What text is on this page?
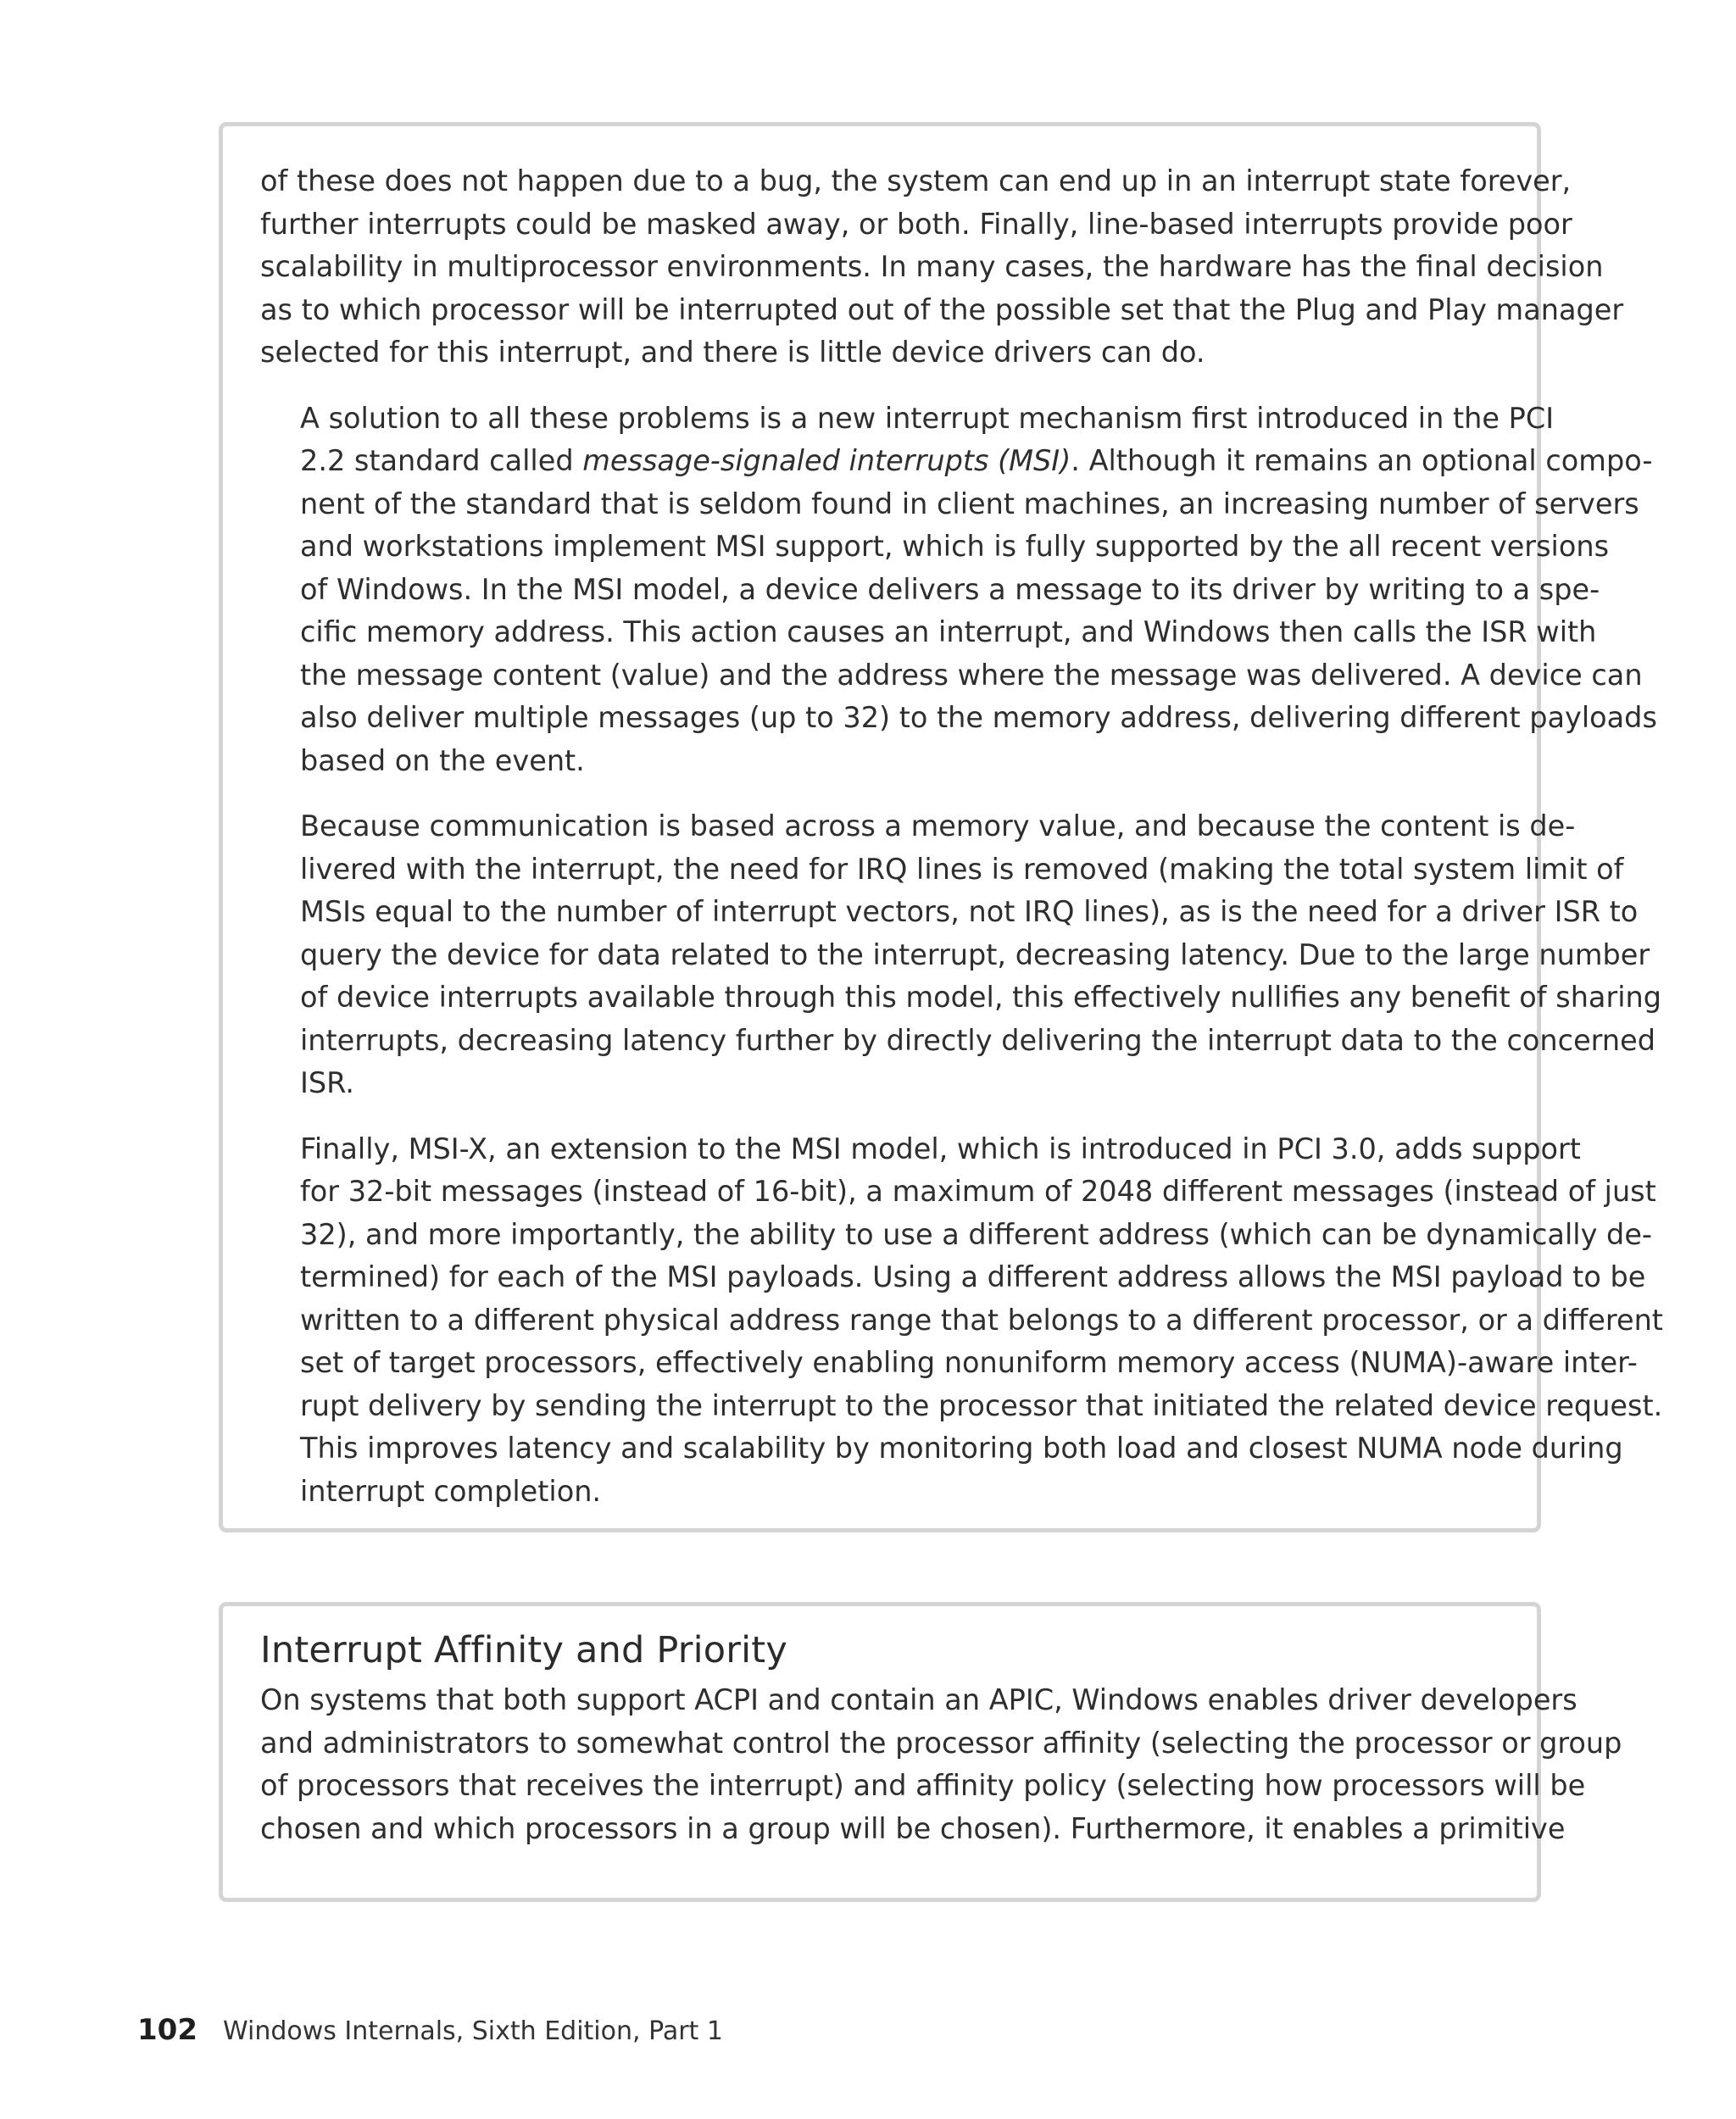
of these does not happen due to a bug, the system can end up in an interrupt state forever,
further interrupts could be masked away, or both. Finally, line-based interrupts provide poor
scalability in multiprocessor environments. In many cases, the hardware has the final decision
as to which processor will be interrupted out of the possible set that the Plug and Play manager
selected for this interrupt, and there is little device drivers can do.

A solution to all these problems is a new interrupt mechanism first introduced in the PCI
2.2 standard called message-signaled interrupts (MSI). Although it remains an optional compo-
nent of the standard that is seldom found in client machines, an increasing number of servers
and workstations implement MSI support, which is fully supported by the all recent versions
of Windows. In the MSI model, a device delivers a message to its driver by writing to a spe-
cific memory address. This action causes an interrupt, and Windows then calls the ISR with
the message content (value) and the address where the message was delivered. A device can
also deliver multiple messages (up to 32) to the memory address, delivering different payloads
based on the event.

Because communication is based across a memory value, and because the content is de-
livered with the interrupt, the need for IRQ lines is removed (making the total system limit of
MSIs equal to the number of interrupt vectors, not IRQ lines), as is the need for a driver ISR to
query the device for data related to the interrupt, decreasing latency. Due to the large number
of device interrupts available through this model, this effectively nullifies any benefit of sharing
interrupts, decreasing latency further by directly delivering the interrupt data to the concerned
ISR.

Finally, MSI-X, an extension to the MSI model, which is introduced in PCI 3.0, adds support
for 32-bit messages (instead of 16-bit), a maximum of 2048 different messages (instead of just
32), and more importantly, the ability to use a different address (which can be dynamically de-
termined) for each of the MSI payloads. Using a different address allows the MSI payload to be
written to a different physical address range that belongs to a different processor, or a different
set of target processors, effectively enabling nonuniform memory access (NUMA)-aware inter-
rupt delivery by sending the interrupt to the processor that initiated the related device request.
This improves latency and scalability by monitoring both load and closest NUMA node during
interrupt completion.

Interrupt Affinity and Priority

On systems that both support ACPI and contain an APIC, Windows enables driver developers
and administrators to somewhat control the processor affinity (selecting the processor or group
of processors that receives the interrupt) and affinity policy (selecting how processors will be
chosen and which processors in a group will be chosen). Furthermore, it enables a primitive

102 Windows Internals, Sixth Edition, Part 1
